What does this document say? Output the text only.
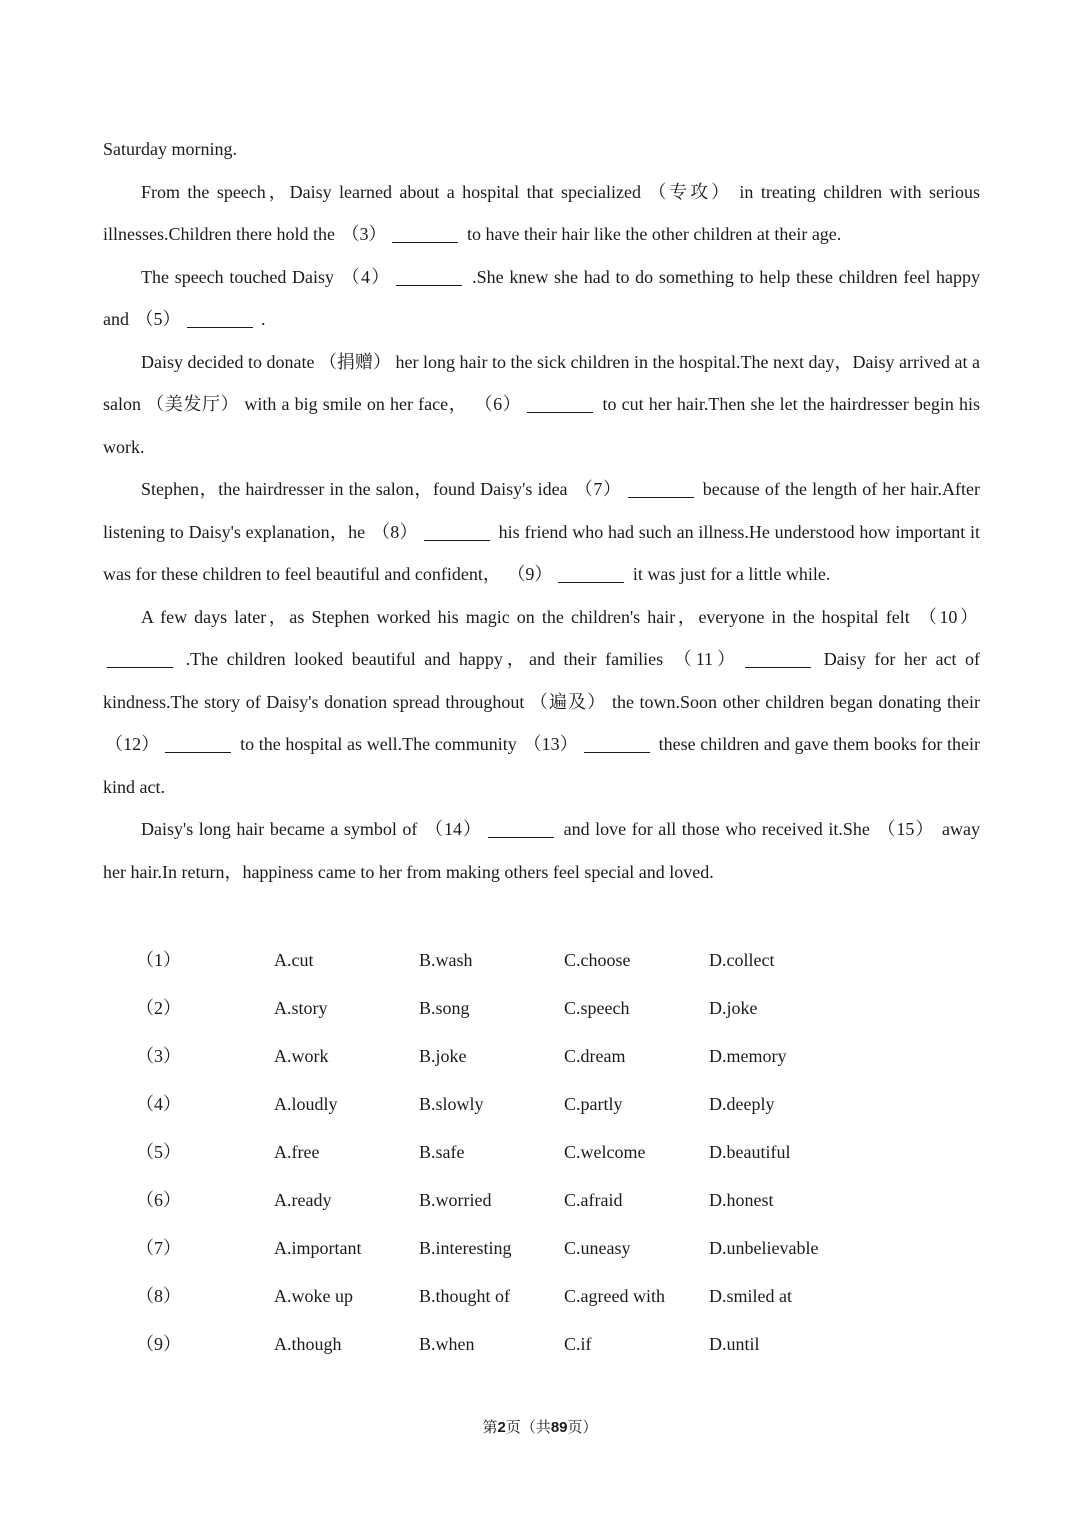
Saturday morning.

From the speech，Daisy learned about a hospital that specialized （专攻） in treating children with serious illnesses.Children there hold the （3）	to have their hair like the other children at their age.

The speech touched Daisy （4）	.She knew she had to do something to help these children feel happy and （5）	.

Daisy decided to donate （捐赠） her long hair to the sick children in the hospital.The next day，Daisy arrived at a salon （美发厅） with a big smile on her face， （6）	to cut her hair.Then she let the hairdresser begin his work.

Stephen，the hairdresser in the salon，found Daisy's idea （7）	because of the length of her hair.After listening to Daisy's explanation，he （8）	his friend who had such an illness.He understood how important it was for these children to feel beautiful and confident， （9）	it was just for a little while.

A few days later，as Stephen worked his magic on the children's hair，everyone in the hospital felt （10） .The children looked beautiful and happy，and their families （11）	Daisy for her act of kindness.The story of Daisy's donation spread throughout （遍及） the town.Soon other children began donating their （12）	to the hospital as well.The community （13）	these children and gave them books for their kind act.

Daisy's long hair became a symbol of （14）	and love for all those who received it.She （15） away her hair.In return，happiness came to her from making others feel special and loved.

（1）	A.cut	B.wash	C.choose	D.collect
（2）	A.story	B.song	C.speech	D.joke
（3）	A.work	B.joke	C.dream	D.memory
（4）	A.loudly	B.slowly	C.partly	D.deeply
（5）	A.free	B.safe	C.welcome	D.beautiful
（6）	A.ready	B.worried	C.afraid	D.honest
（7）	A.important	B.interesting	C.uneasy	D.unbelievable
（8）	A.woke up	B.thought of	C.agreed with D.smiled at
（9）	A.though	B.when	C.if	D.until
第2页（共89页）
